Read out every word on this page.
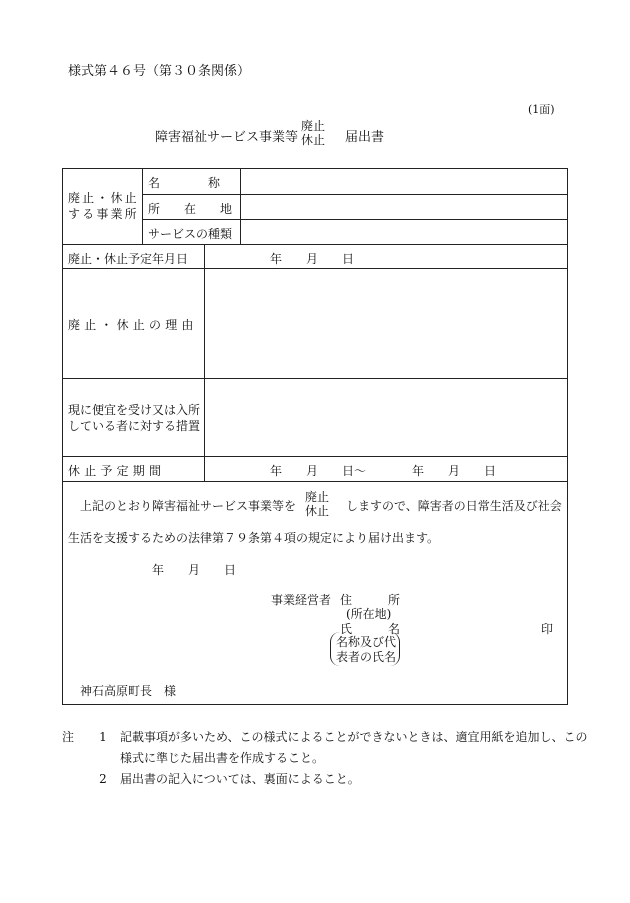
様式第４６号（第３０条関係）
(1面)
障害福祉サービス事業等
廃止
休止 届出書
廃止・休止
する事業所
名　　　　称
所　　在　　地
サービスの種類
廃止・休止予定年月日	年 月 日
廃止・休止の理由
現に便宜を受け又は入所
している者に対する措置
休止予定期間	年 月 日～	年 月 日
上記のとおり障害福祉サービス事業等を
廃止
休止 しますので、障害者の日常生活及び社会
生活を支援するための法律第７９条第４項の規定により届け出ます。
年 月 日
事業経営者 住　　　所
(所在地)
氏　　　名	印
名称及び代
表者の氏名
神石高原町長　様
注	1	記載事項が多いため、この様式によることができないときは、適宜用紙を追加し、この
様式に準じた届出書を作成すること。
2	届出書の記入については、裏面によること。
